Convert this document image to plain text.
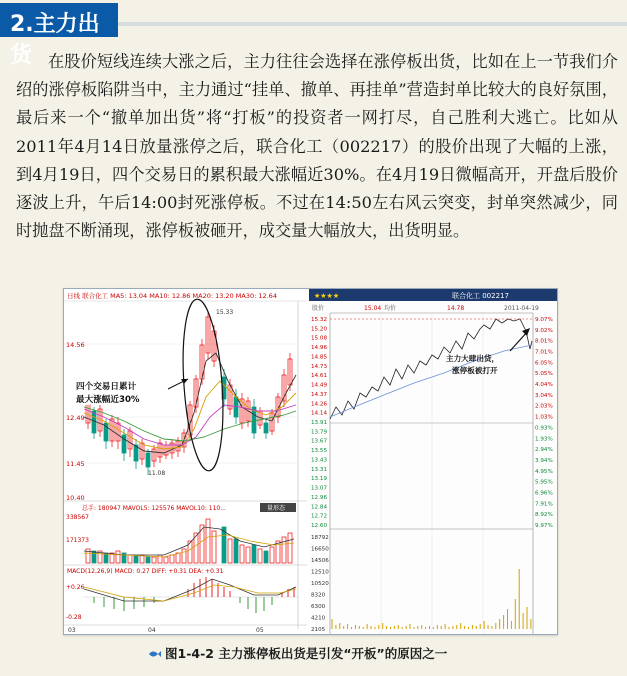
2.主力出货 在股价短线连续大涨之后，主力往往会选择在涨停板出货，比如在上一节我们介绍的涨停板陷阱当中，主力通过“挂单、撤单、再挂单”营造封单比较大的良好氛围，最后来一个“撤单加出货”将“打板”的投资者一网打尽，自己胜利大逃亡。比如从2011年4月14日放量涨停之后，联合化工（002217）的股价出现了大幅的上涨，到4月19日，四个交易日的累积最大涨幅近30%。在4月19日微幅高开，开盘后股价逐波上升，午后14:00封死涨停板。不过在14:50左右风云突变，封单突然减少，同时抛盘不断涌现，涨停板被砸开，成交量大幅放大，出货明显。

日线 联合化工 MA5: 13.04 MA10: 12.86 MA20: 13.20 MA30: 12.64
14.56
12.49
11.45
10.40
15.33
11.08
四个交易日累计
最大涨幅近30%
总手: 180947 MAVOL5: 125576 MAVOL10: 110...	量形态
338567
171373
MACD(12,26,9) MACD: 0.27 DIFF: +0.31 DEA: +0.31
+0.26
-0.28
03	04	05
★★★★	联合化工 002217
股价	15.04 均价	14.78	2011-04-19
15.32
15.20
15.08
14.96
14.85
14.73
14.61
14.49
14.37
14.26
14.14
13.91
13.79
13.67
13.55
13.43
13.31
13.19
13.07
12.96
12.84
12.72
12.60
9.07%
9.02%
8.01%
7.01%
6.05%
5.05%
4.04%
3.04%
2.03%
1.03%
0.93%
1.93%
2.94%
3.94%
4.95%
5.95%
6.96%
7.91%
8.92%
9.97%
主力大肆出货，
涨停板被打开
18792
16650
14506
12510
10520
8320
6300
4210
2105
图1-4-2 主力涨停板出货是引发“开板”的原因之一
